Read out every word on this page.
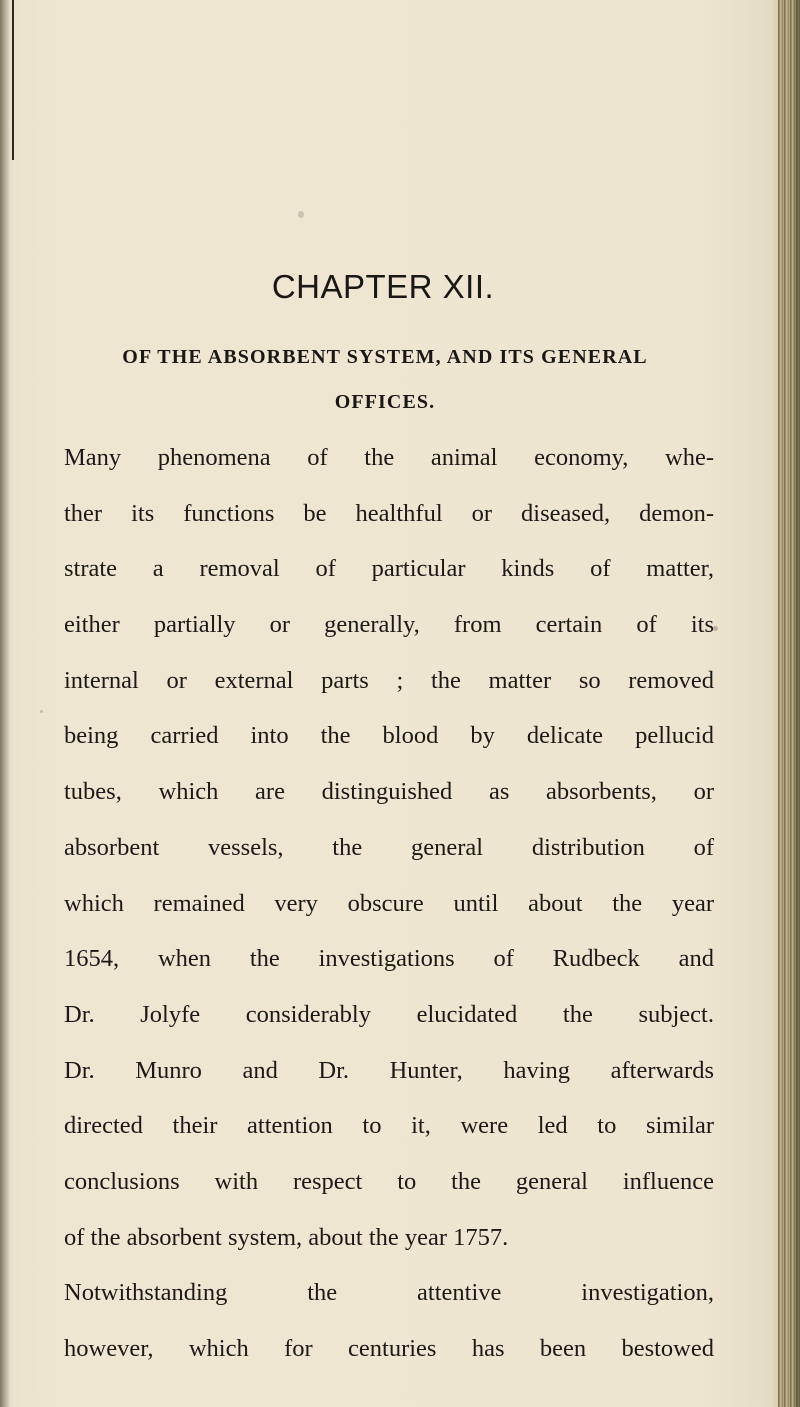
CHAPTER XII.
OF THE ABSORBENT SYSTEM, AND ITS GENERAL
OFFICES.
Many phenomena of the animal economy, whe-
ther its functions be healthful or diseased, demon-
strate a removal of particular kinds of matter,
either partially or generally, from certain of its
internal or external parts ; the matter so removed
being carried into the blood by delicate pellucid
tubes, which are distinguished as absorbents, or
absorbent vessels, the general distribution of
which remained very obscure until about the year
1654, when the investigations of Rudbeck and
Dr. Jolyfe considerably elucidated the subject.
Dr. Munro and Dr. Hunter, having afterwards
directed their attention to it, were led to similar
conclusions with respect to the general influence
of the absorbent system, about the year 1757.
Notwithstanding the attentive investigation,
however, which for centuries has been bestowed
